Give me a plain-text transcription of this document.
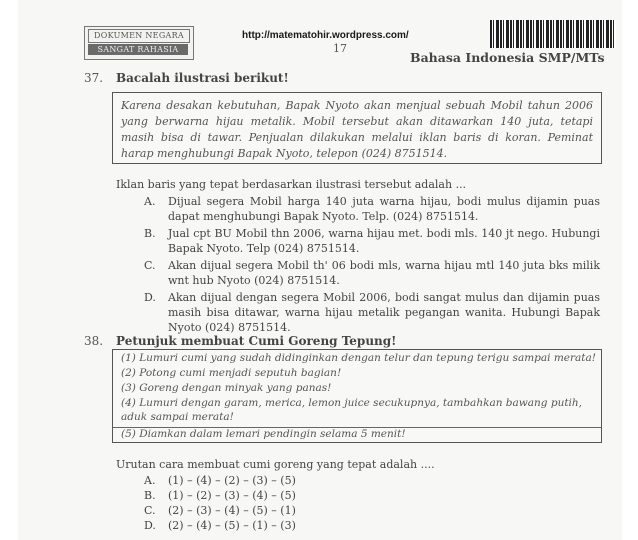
DOKUMEN NEGARA
SANGAT RAHASIA
http://matematohir.wordpress.com/
17
Bahasa Indonesia SMP/MTs
37. Bacalah ilustrasi berikut!

Karena desakan kebutuhan, Bapak Nyoto akan menjual sebuah Mobil tahun 2006 yang berwarna hijau metalik. Mobil tersebut akan ditawarkan 140 juta, tetapi masih bisa di tawar. Penjualan dilakukan melalui iklan baris di koran. Peminat harap menghubungi Bapak Nyoto, telepon (024) 8751514.

Iklan baris yang tepat berdasarkan ilustrasi tersebut adalah ...
A. Dijual segera Mobil harga 140 juta warna hijau, bodi mulus dijamin puas dapat menghubungi Bapak Nyoto. Telp. (024) 8751514.
B. Jual cpt BU Mobil thn 2006, warna hijau met. bodi mls. 140 jt nego. Hubungi Bapak Nyoto. Telp (024) 8751514.
C. Akan dijual segera Mobil th' 06 bodi mls, warna hijau mtl 140 juta bks milik wnt hub Nyoto (024) 8751514.
D. Akan dijual dengan segera Mobil 2006, bodi sangat mulus dan dijamin puas masih bisa ditawar, warna hijau metalik pegangan wanita. Hubungi Bapak Nyoto (024) 8751514.
38. Petunjuk membuat Cumi Goreng Tepung!
(1) Lumuri cumi yang sudah didinginkan dengan telur dan tepung terigu sampai merata!
(2) Potong cumi menjadi seputuh bagian!
(3) Goreng dengan minyak yang panas!
(4) Lumuri dengan garam, merica, lemon juice secukupnya, tambahkan bawang putih,
aduk sampai merata!
(5) Diamkan dalam lemari pendingin selama 5 menit!
Urutan cara membuat cumi goreng yang tepat adalah ....
A. (1) – (4) – (2) – (3) – (5)
B. (1) – (2) – (3) – (4) – (5)
C. (2) – (3) – (4) – (5) – (1)
D. (2) – (4) – (5) – (1) – (3)
